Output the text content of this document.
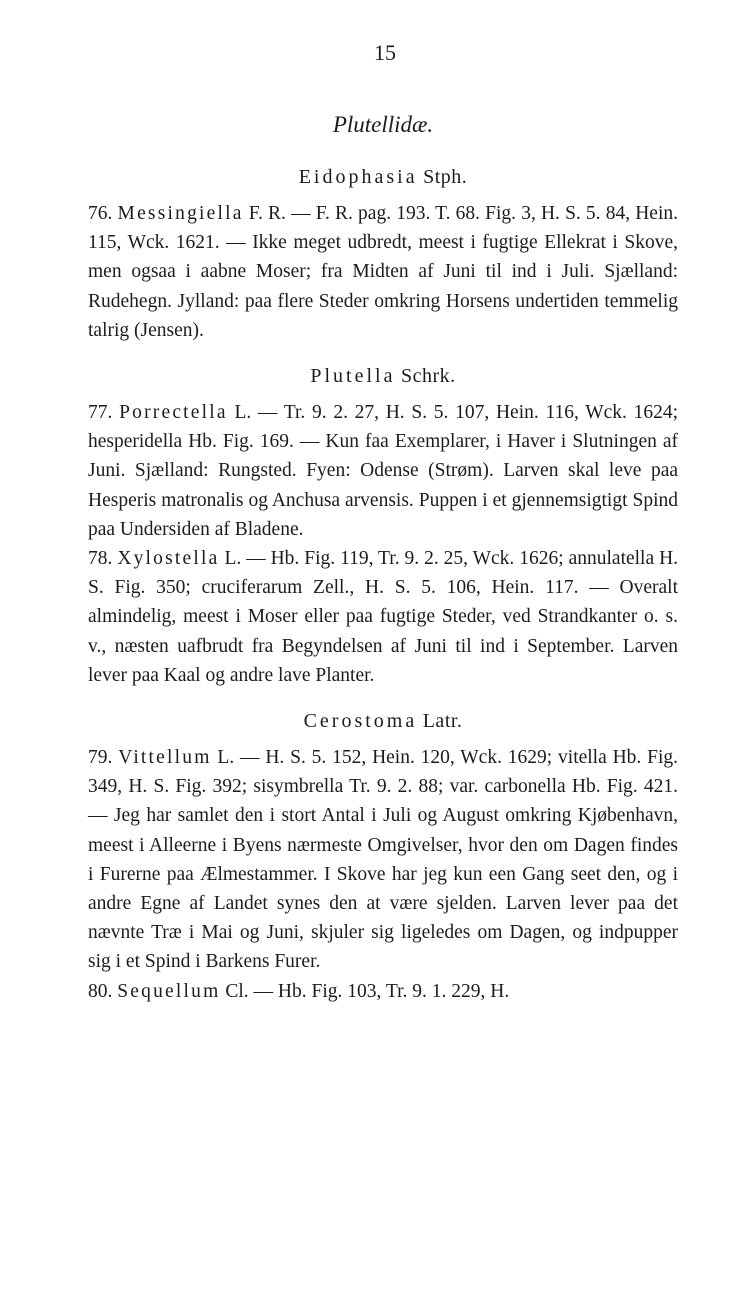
15
Plutellidæ.
Eidophasia Stph.
76. Messingiella F. R. — F. R. pag. 193. T. 68. Fig. 3, H. S. 5. 84, Hein. 115, Wck. 1621. — Ikke meget udbredt, meest i fugtige Ellekrat i Skove, men ogsaa i aabne Moser; fra Midten af Juni til ind i Juli. Sjælland: Rudehegn. Jylland: paa flere Steder omkring Horsens undertiden temmelig talrig (Jensen).
Plutella Schrk.
77. Porrectella L. — Tr. 9. 2. 27, H. S. 5. 107, Hein. 116, Wck. 1624; hesperidella Hb. Fig. 169. — Kun faa Exemplarer, i Haver i Slutningen af Juni. Sjælland: Rungsted. Fyen: Odense (Strøm). Larven skal leve paa Hesperis matronalis og Anchusa arvensis. Puppen i et gjennemsigtigt Spind paa Undersiden af Bladene.
78. Xylostella L. — Hb. Fig. 119, Tr. 9. 2. 25, Wck. 1626; annulatella H. S. Fig. 350; cruciferarum Zell., H. S. 5. 106, Hein. 117. — Overalt almindelig, meest i Moser eller paa fugtige Steder, ved Strandkanter o. s. v., næsten uafbrudt fra Begyndelsen af Juni til ind i September. Larven lever paa Kaal og andre lave Planter.
Cerostoma Latr.
79. Vittellum L. — H. S. 5. 152, Hein. 120, Wck. 1629; vitella Hb. Fig. 349, H. S. Fig. 392; sisymbrella Tr. 9. 2. 88; var. carbonella Hb. Fig. 421. — Jeg har samlet den i stort Antal i Juli og August omkring Kjøbenhavn, meest i Alleerne i Byens nærmeste Omgivelser, hvor den om Dagen findes i Furerne paa Ælmestammer. I Skove har jeg kun een Gang seet den, og i andre Egne af Landet synes den at være sjelden. Larven lever paa det nævnte Træ i Mai og Juni, skjuler sig ligeledes om Dagen, og indpupper sig i et Spind i Barkens Furer.
80. Sequellum Cl. — Hb. Fig. 103, Tr. 9. 1. 229, H.
